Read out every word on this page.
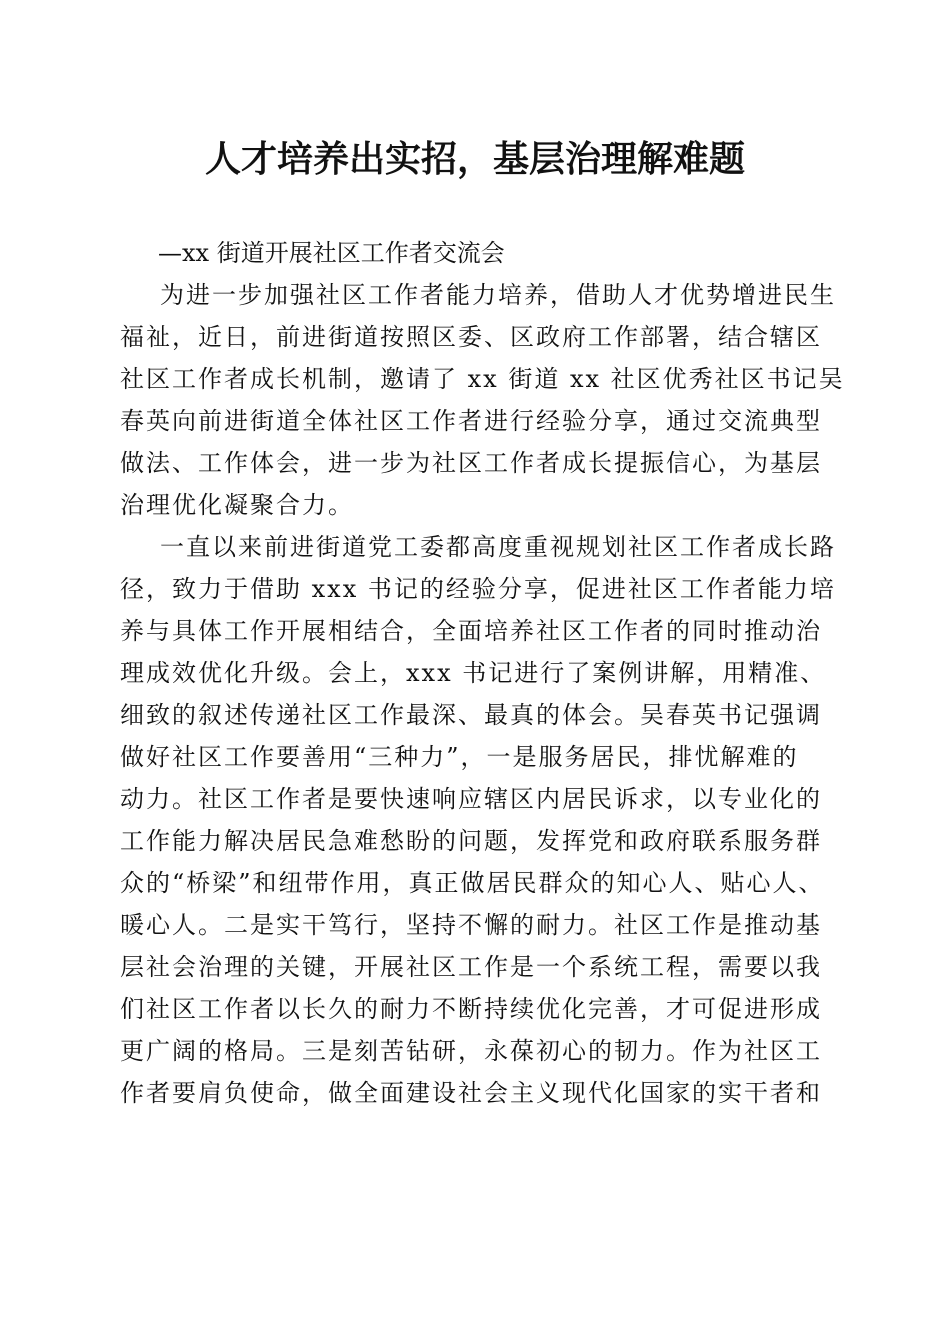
人才培养出实招，基层治理解难题

—xx 街道开展社区工作者交流会

为进一步加强社区工作者能力培养，借助人才优势增进民生

福祉，近日，前进街道按照区委、区政府工作部署，结合辖区

社区工作者成长机制，邀请了 xx 街道 xx 社区优秀社区书记吴

春英向前进街道全体社区工作者进行经验分享，通过交流典型

做法、工作体会，进一步为社区工作者成长提振信心，为基层

治理优化凝聚合力。

一直以来前进街道党工委都高度重视规划社区工作者成长路

径，致力于借助 xxx 书记的经验分享，促进社区工作者能力培

养与具体工作开展相结合，全面培养社区工作者的同时推动治

理成效优化升级。会上，xxx 书记进行了案例讲解，用精准、

细致的叙述传递社区工作最深、最真的体会。吴春英书记强调

做好社区工作要善用“三种力”，一是服务居民，排忧解难的

动力。社区工作者是要快速响应辖区内居民诉求，以专业化的

工作能力解决居民急难愁盼的问题，发挥党和政府联系服务群

众的“桥梁”和纽带作用，真正做居民群众的知心人、贴心人、

暖心人。二是实干笃行，坚持不懈的耐力。社区工作是推动基

层社会治理的关键，开展社区工作是一个系统工程，需要以我

们社区工作者以长久的耐力不断持续优化完善，才可促进形成

更广阔的格局。三是刻苦钻研，永葆初心的韧力。作为社区工

作者要肩负使命，做全面建设社会主义现代化国家的实干者和
